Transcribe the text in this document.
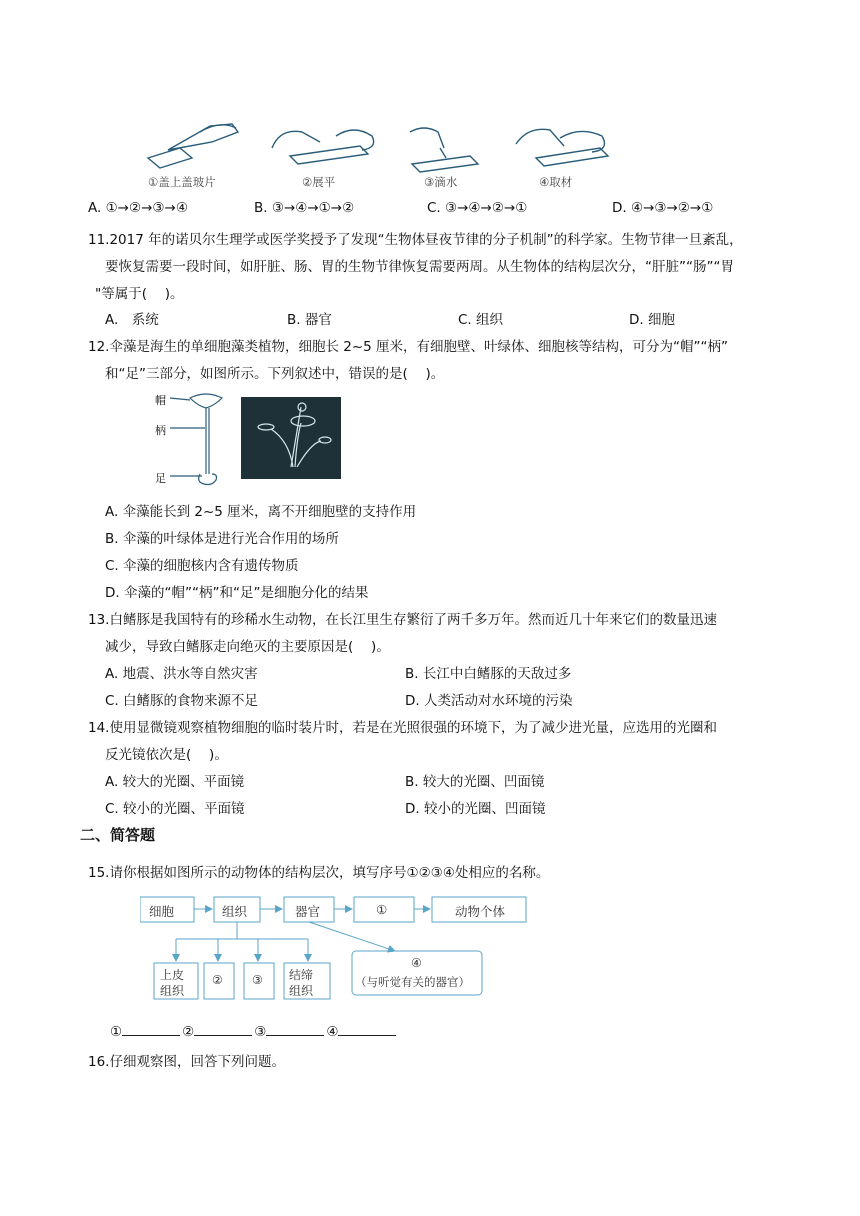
①盖上盖玻片	②展平	③滴水	④取材
A. ①→②→③→④	B. ③→④→①→②	C. ③→④→②→①	D. ④→③→②→①
11.2017 年的诺贝尔生理学或医学奖授予了发现“生物体昼夜节律的分子机制”的科学家。生物节律一旦紊乱，
要恢复需要一段时间，如肝脏、肠、胃的生物节律恢复需要两周。从生物体的结构层次分，“肝脏”“肠”“胃
"等属于(　 )。
A.　系统	B. 器官	C. 组织	D. 细胞
12.伞藻是海生的单细胞藻类植物，细胞长 2~5 厘米，有细胞壁、叶绿体、细胞核等结构，可分为“帽”“柄”
和“足”三部分，如图所示。下列叙述中，错误的是(　 )。
帽
柄
足
A. 伞藻能长到 2~5 厘米，离不开细胞壁的支持作用
B. 伞藻的叶绿体是进行光合作用的场所
C. 伞藻的细胞核内含有遗传物质
D. 伞藻的“帽”“柄”和“足”是细胞分化的结果
13.白鳍豚是我国特有的珍稀水生动物，在长江里生存繁衍了两千多万年。然而近几十年来它们的数量迅速
减少，导致白鳍豚走向绝灭的主要原因是(　 )。
A. 地震、洪水等自然灾害	B. 长江中白鳍豚的天敌过多
C. 白鳍豚的食物来源不足	D. 人类活动对水环境的污染
14.使用显微镜观察植物细胞的临时装片时，若是在光照很强的环境下，为了减少进光量，应选用的光圈和
反光镜依次是(　 )。
A. 较大的光圈、平面镜	B. 较大的光圈、凹面镜
C. 较小的光圈、平面镜	D. 较小的光圈、凹面镜
二、简答题
15.请你根据如图所示的动物体的结构层次，填写序号①②③④处相应的名称。
细胞	组织	器官	①	动物个体
上皮
组织
② ③ 结缔
组织
④
（与听觉有关的器官）
①	②	③	④
16.仔细观察图，回答下列问题。
